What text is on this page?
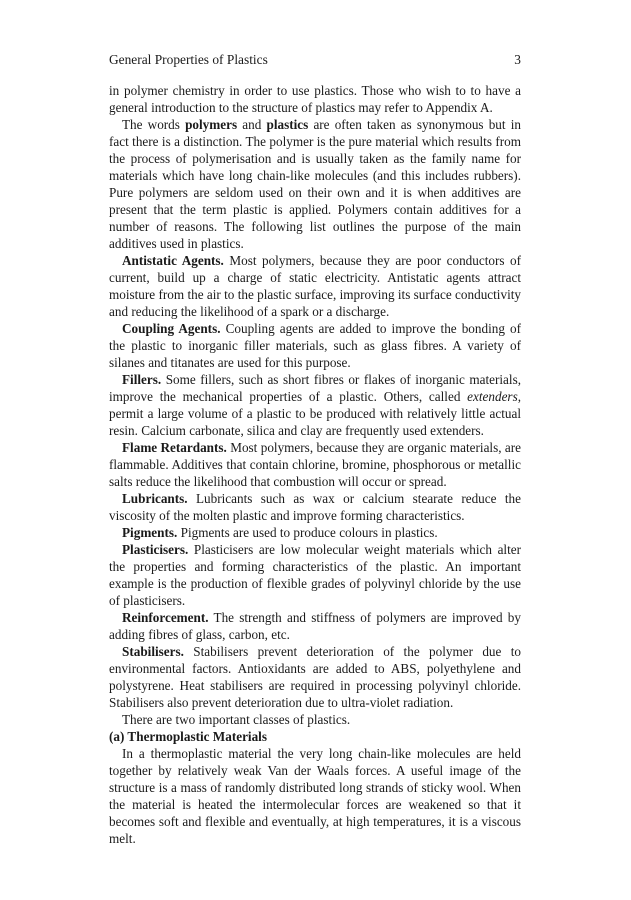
General Properties of Plastics	3

in polymer chemistry in order to use plastics. Those who wish to to have a general introduction to the structure of plastics may refer to Appendix A.

The words polymers and plastics are often taken as synonymous but in fact there is a distinction. The polymer is the pure material which results from the process of polymerisation and is usually taken as the family name for materials which have long chain-like molecules (and this includes rubbers). Pure polymers are seldom used on their own and it is when additives are present that the term plastic is applied. Polymers contain additives for a number of reasons. The following list outlines the purpose of the main additives used in plastics.

Antistatic Agents. Most polymers, because they are poor conductors of current, build up a charge of static electricity. Antistatic agents attract moisture from the air to the plastic surface, improving its surface conductivity and reducing the likelihood of a spark or a discharge.

Coupling Agents. Coupling agents are added to improve the bonding of the plastic to inorganic filler materials, such as glass fibres. A variety of silanes and titanates are used for this purpose.

Fillers. Some fillers, such as short fibres or flakes of inorganic materials, improve the mechanical properties of a plastic. Others, called extenders, permit a large volume of a plastic to be produced with relatively little actual resin. Calcium carbonate, silica and clay are frequently used extenders.

Flame Retardants. Most polymers, because they are organic materials, are flammable. Additives that contain chlorine, bromine, phosphorous or metallic salts reduce the likelihood that combustion will occur or spread.

Lubricants. Lubricants such as wax or calcium stearate reduce the viscosity of the molten plastic and improve forming characteristics.

Pigments. Pigments are used to produce colours in plastics.

Plasticisers. Plasticisers are low molecular weight materials which alter the properties and forming characteristics of the plastic. An important example is the production of flexible grades of polyvinyl chloride by the use of plasticisers.

Reinforcement. The strength and stiffness of polymers are improved by adding fibres of glass, carbon, etc.

Stabilisers. Stabilisers prevent deterioration of the polymer due to environmental factors. Antioxidants are added to ABS, polyethylene and polystyrene. Heat stabilisers are required in processing polyvinyl chloride. Stabilisers also prevent deterioration due to ultra-violet radiation.

There are two important classes of plastics.

(a) Thermoplastic Materials

In a thermoplastic material the very long chain-like molecules are held together by relatively weak Van der Waals forces. A useful image of the structure is a mass of randomly distributed long strands of sticky wool. When the material is heated the intermolecular forces are weakened so that it becomes soft and flexible and eventually, at high temperatures, it is a viscous melt.
